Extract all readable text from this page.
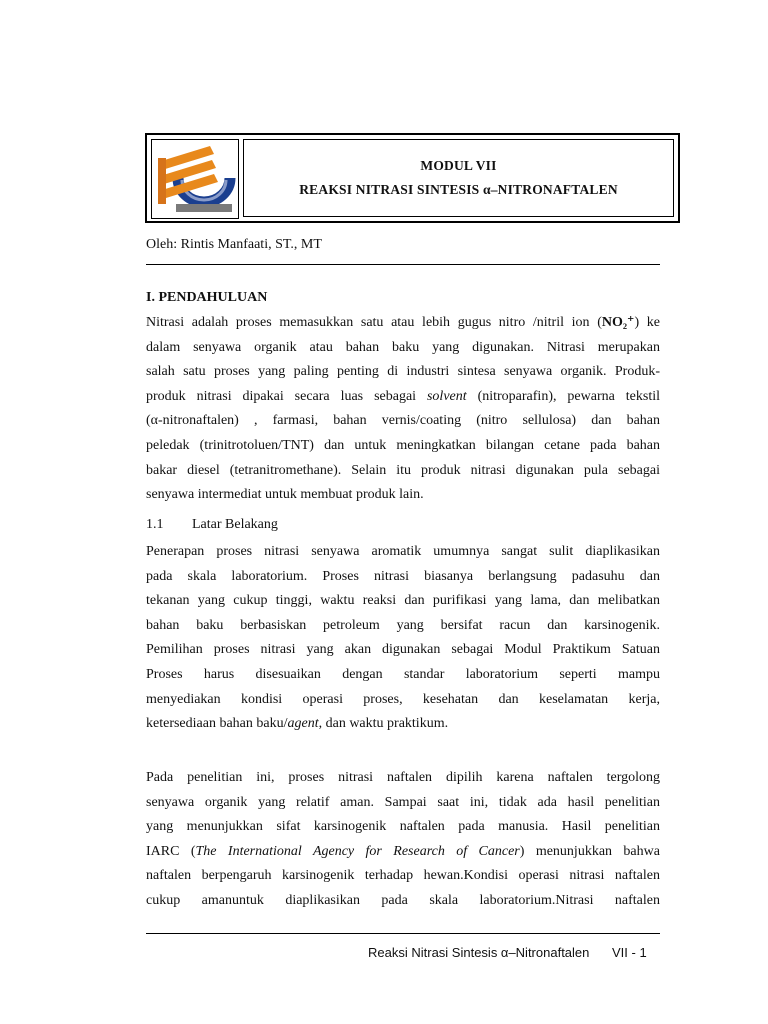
MODUL VII
REAKSI NITRASI SINTESIS α–NITRONAFTALEN
Oleh: Rintis Manfaati, ST., MT
I. PENDAHULUAN
Nitrasi adalah proses memasukkan satu atau lebih gugus nitro /nitril ion (NO₂⁺) ke
dalam senyawa organik atau bahan baku yang digunakan. Nitrasi merupakan
salah satu proses yang paling penting di industri sintesa senyawa organik. Produk-
produk nitrasi dipakai secara luas sebagai solvent (nitroparafin), pewarna tekstil
(α-nitronaftalen) , farmasi, bahan vernis/coating (nitro sellulosa) dan bahan
peledak (trinitrotoluen/TNT) dan untuk meningkatkan bilangan cetane pada bahan
bakar diesel (tetranitromethane). Selain itu produk nitrasi digunakan pula sebagai
senyawa intermediat untuk membuat produk lain.
1.1 Latar Belakang
Penerapan proses nitrasi senyawa aromatik umumnya sangat sulit diaplikasikan
pada skala laboratorium. Proses nitrasi biasanya berlangsung padasuhu dan
tekanan yang cukup tinggi, waktu reaksi dan purifikasi yang lama, dan melibatkan
bahan baku berbasiskan petroleum yang bersifat racun dan karsinogenik.
Pemilihan proses nitrasi yang akan digunakan sebagai Modul Praktikum Satuan
Proses harus disesuaikan dengan standar laboratorium seperti mampu
menyediakan kondisi operasi proses, kesehatan dan keselamatan kerja,
ketersediaan bahan baku/agent, dan waktu praktikum.
Pada penelitian ini, proses nitrasi naftalen dipilih karena naftalen tergolong
senyawa organik yang relatif aman. Sampai saat ini, tidak ada hasil penelitian
yang menunjukkan sifat karsinogenik naftalen pada manusia. Hasil penelitian
IARC (The International Agency for Research of Cancer) menunjukkan bahwa
naftalen berpengaruh karsinogenik terhadap hewan.Kondisi operasi nitrasi naftalen
cukup amanuntuk diaplikasikan pada skala laboratorium.Nitrasi naftalen
Reaksi Nitrasi Sintesis α–Nitronaftalen VII - 1
